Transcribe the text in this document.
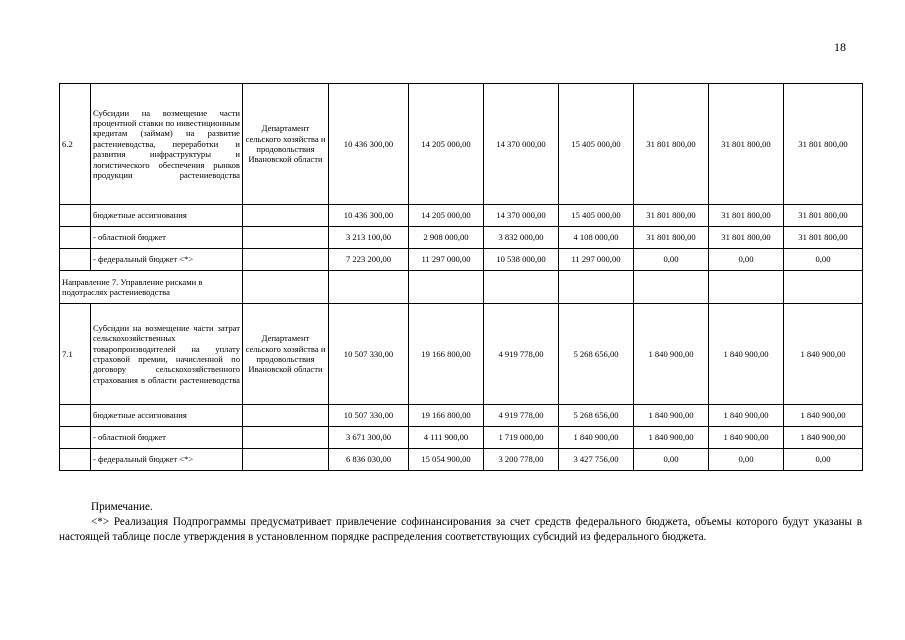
18
6.2	Субсидии на возмещение части процентной ставки по инвестиционным кредитам (займам) на развитие растениеводства, переработки и развития инфраструктуры и логистического обеспечения рынков продукции растениеводства	Департамент сельского хозяйства и продовольствия Ивановской области	10 436 300,00	14 205 000,00	14 370 000,00	15 405 000,00	31 801 800,00	31 801 800,00	31 801 800,00
	бюджетные ассигнования		10 436 300,00	14 205 000,00	14 370 000,00	15 405 000,00	31 801 800,00	31 801 800,00	31 801 800,00
	- областной бюджет		3 213 100,00	2 908 000,00	3 832 000,00	4 108 000,00	31 801 800,00	31 801 800,00	31 801 800,00
	- федеральный бюджет <*>		7 223 200,00	11 297 000,00	10 538 000,00	11 297 000,00	0,00	0,00	0,00
Направление 7. Управление рисками в подотраслях растениеводства									
7.1	Субсидии на возмещение части затрат сельскохозяйственных товаропроизводителей на уплату страховой премии, начисленной по договору сельскохозяйственного страхования в области растениеводства	Департамент сельского хозяйства и продовольствия Ивановской области	10 507 330,00	19 166 800,00	4 919 778,00	5 268 656,00	1 840 900,00	1 840 900,00	1 840 900,00
	бюджетные ассигнования		10 507 330,00	19 166 800,00	4 919 778,00	5 268 656,00	1 840 900,00	1 840 900,00	1 840 900,00
	- областной бюджет		3 671 300,00	4 111 900,00	1 719 000,00	1 840 900,00	1 840 900,00	1 840 900,00	1 840 900,00
	- федеральный бюджет <*>		6 836 030,00	15 054 900,00	3 200 778,00	3 427 756,00	0,00	0,00	0,00
Примечание.
<*> Реализация Подпрограммы предусматривает привлечение софинансирования за счет средств федерального бюджета, объемы которого будут указаны в настоящей таблице после утверждения в установленном порядке распределения соответствующих субсидий из федерального бюджета.
